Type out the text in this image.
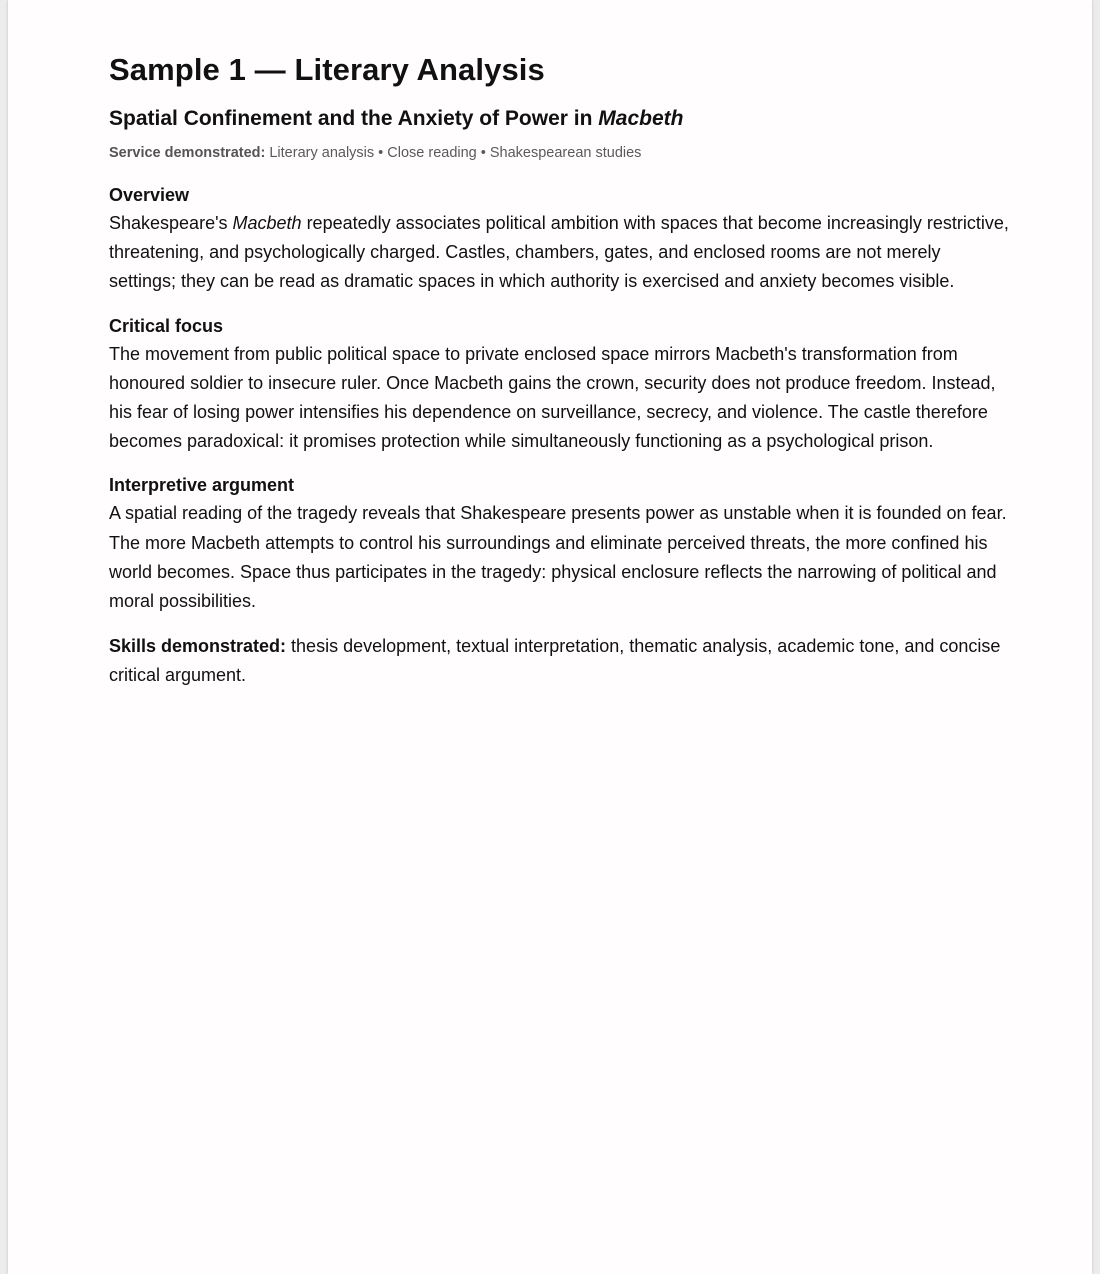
Sample 1 — Literary Analysis
Spatial Confinement and the Anxiety of Power in Macbeth
Service demonstrated: Literary analysis • Close reading • Shakespearean studies
Overview

Shakespeare's Macbeth repeatedly associates political ambition with spaces that become increasingly restrictive, threatening, and psychologically charged. Castles, chambers, gates, and enclosed rooms are not merely settings; they can be read as dramatic spaces in which authority is exercised and anxiety becomes visible.

Critical focus

The movement from public political space to private enclosed space mirrors Macbeth's transformation from honoured soldier to insecure ruler. Once Macbeth gains the crown, security does not produce freedom. Instead, his fear of losing power intensifies his dependence on surveillance, secrecy, and violence. The castle therefore becomes paradoxical: it promises protection while simultaneously functioning as a psychological prison.

Interpretive argument

A spatial reading of the tragedy reveals that Shakespeare presents power as unstable when it is founded on fear. The more Macbeth attempts to control his surroundings and eliminate perceived threats, the more confined his world becomes. Space thus participates in the tragedy: physical enclosure reflects the narrowing of political and moral possibilities.

Skills demonstrated: thesis development, textual interpretation, thematic analysis, academic tone, and concise critical argument.
